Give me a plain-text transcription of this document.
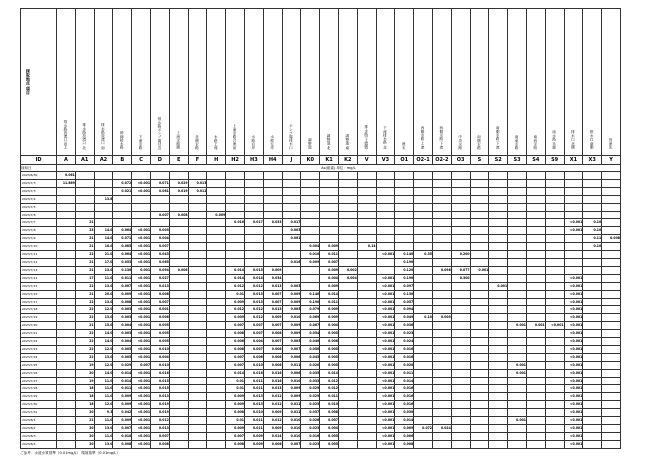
採取地点 項目	排水路放流口直上	排水路放流口 北	排水路放流口 南	幹線排水路	下流水路	排水路ポンプ場付近	上流水路側	北側水路	水路上流	上流水路合流前	水路右岸	水路左岸	ポンプ場排水口	調整池	調整池 北	調整池 南	排水路(下流側)	下流排水路 北	流末	西側水路 上流	西側水路 下流	中央水路	南側水路	南側水路 下流	南東水路	南西水路	南水路 末端	排水口 北側	排水口 南側	放流先
ID	A	A1	A2	B	C	D	E	F	H	H2	H3	H4	J	K0	K1	K2	V	V3	O1	O2-1	O2-2	O3	S	S2	S3	S4	S9	X1	X3	Y
採取日	As(砒素) 単位：mg/L																													
2023/6/30	0.061																													
2023/7/3	11.869			0.072	<0.001	0.071	0.029	0.013																						
2023/7/3				0.021	<0.001	0.061	0.019	0.012																						
2023/7/4			13.8																											
2023/7/5																														
2023/7/6						0.007	0.008		0.009																					
2023/7/7		21								0.016	0.017	0.033	0.017															<0.001	0.10	
2023/7/8		23	14.0	0.064	<0.001	0.003							0.005															<0.001	0.10	
2023/7/9		21	14.0	0.071	<0.001	0.004							0.001																0.11	0.008
2023/7/10		21	16.0	0.085	<0.001	0.007								0.004	0.009		0.14												0.10	
2023/7/11		22	21.0	0.064	<0.001	0.043								0.010	0.011			<0.001	0.140	0.35		0.200								
2023/7/12		21	17.0	0.053	<0.001	0.065							0.016	0.009	0.007				0.190											
2023/7/13		21	13.0	0.130	0.001	0.094	0.006			0.014	0.015	0.009			0.009	0.002			0.120		0.098	0.077	0.001							
2023/7/14		17	11.0	0.011	<0.001	0.027				0.014	0.014	0.034			0.004	0.004		<0.001	0.190			0.300						<0.001		
2023/7/15		22	13.0	0.007	<0.001	0.013				0.012	0.012	0.013	0.005		0.009			<0.001	0.097					0.001				<0.001		
2023/7/16		21	20.0	0.009	<0.001	0.008				0.01	0.013	0.007	0.009	0.140	0.014			<0.001	0.130									<0.001		
2023/7/17		22	13.0	0.008	<0.001	0.007				0.009	0.013	0.007	0.009	0.190	0.011			<0.001	0.057									<0.001		
2023/7/18		22	12.0	0.003	<0.001	0.001				0.012	0.012	0.013	0.005	0.079	0.009			<0.001	0.094									<0.001		
2023/7/19		22	13.0	0.003	<0.001	0.006				0.009	0.012	0.009	0.010	0.069	0.009			<0.001	0.049	0.10	0.009							<0.001		
2023/7/20		21	15.0	0.004	<0.001	0.005				0.007	0.007	0.007	0.009	0.067	0.004			<0.001	0.036						0.001	0.001	<0.001	<0.001		
2023/7/21		22	14.0	0.003	<0.001	0.005				0.008	0.007	0.008	0.009	0.054	0.005			<0.001	0.023									<0.001		
2023/7/22		22	14.0	0.004	<0.001	0.005				0.006	0.004	0.007	0.005	0.040	0.006			<0.001	0.024									<0.001		
2023/7/23		22	12.0	0.005	<0.001	0.010				0.008	0.007	0.006	0.007	0.050	0.005			<0.001	0.016									<0.001		
2023/7/24		22	13.0	0.005	<0.001	0.004				0.007	0.006	0.006	0.006	0.043	0.005			<0.001	0.016									<0.001		
2023/7/25		19	12.0	0.029	0.007	0.010				0.007	0.010	0.006	0.011	0.020	0.005			<0.001	0.020						0.001			<0.001		
2023/7/26		20	14.0	0.014	<0.001	0.016				0.014	0.016	0.016	0.006	0.035	0.014			<0.001	0.011						0.001			<0.001		
2023/7/27		19	11.0	0.014	<0.001	0.015				0.01	0.011	0.016	0.010	0.033	0.012			<0.001	0.014									<0.001		
2023/7/28		18	11.0	0.011	<0.001	0.015				0.01	0.011	0.013	0.009	0.029	0.012			<0.001	0.016									<0.001		
2023/7/29		18	11.0	0.009	<0.001	0.013				0.009	0.013	0.012	0.009	0.029	0.011			<0.001	0.016									<0.001		
2023/7/30		18	12.0	0.009	<0.001	0.019				0.009	0.013	0.012	0.011	0.025	0.010			<0.001	0.016									<0.001		
2023/7/31		20	9.3	0.042	<0.001	0.019				0.008	0.010	0.009	0.011	0.037	0.008			<0.001	0.030									<0.001		
2023/8/1		21	11.0	0.009	<0.001	0.012				0.01	0.011	0.012	0.010	0.026	0.007			<0.001	0.014						0.001			<0.001		
2023/8/2		20	13.0	0.007	<0.001	0.013				0.009	0.011	0.009	0.010	0.023	0.004			<0.001	0.009	0.072	0.024							<0.001		
2023/8/3		20	11.0	0.010	<0.001	0.007				0.007	0.009	0.014	0.010	0.016	0.005			<0.001	0.006									<0.001		
2023/8/4		20	13.0	0.008	<0.001	0.008				0.008	0.009	0.006	0.007	0.023	0.005			<0.001	0.008									<0.001		
ご参考：水道水質基準（0.01mg/L） 環境基準（0.01mg/L）
